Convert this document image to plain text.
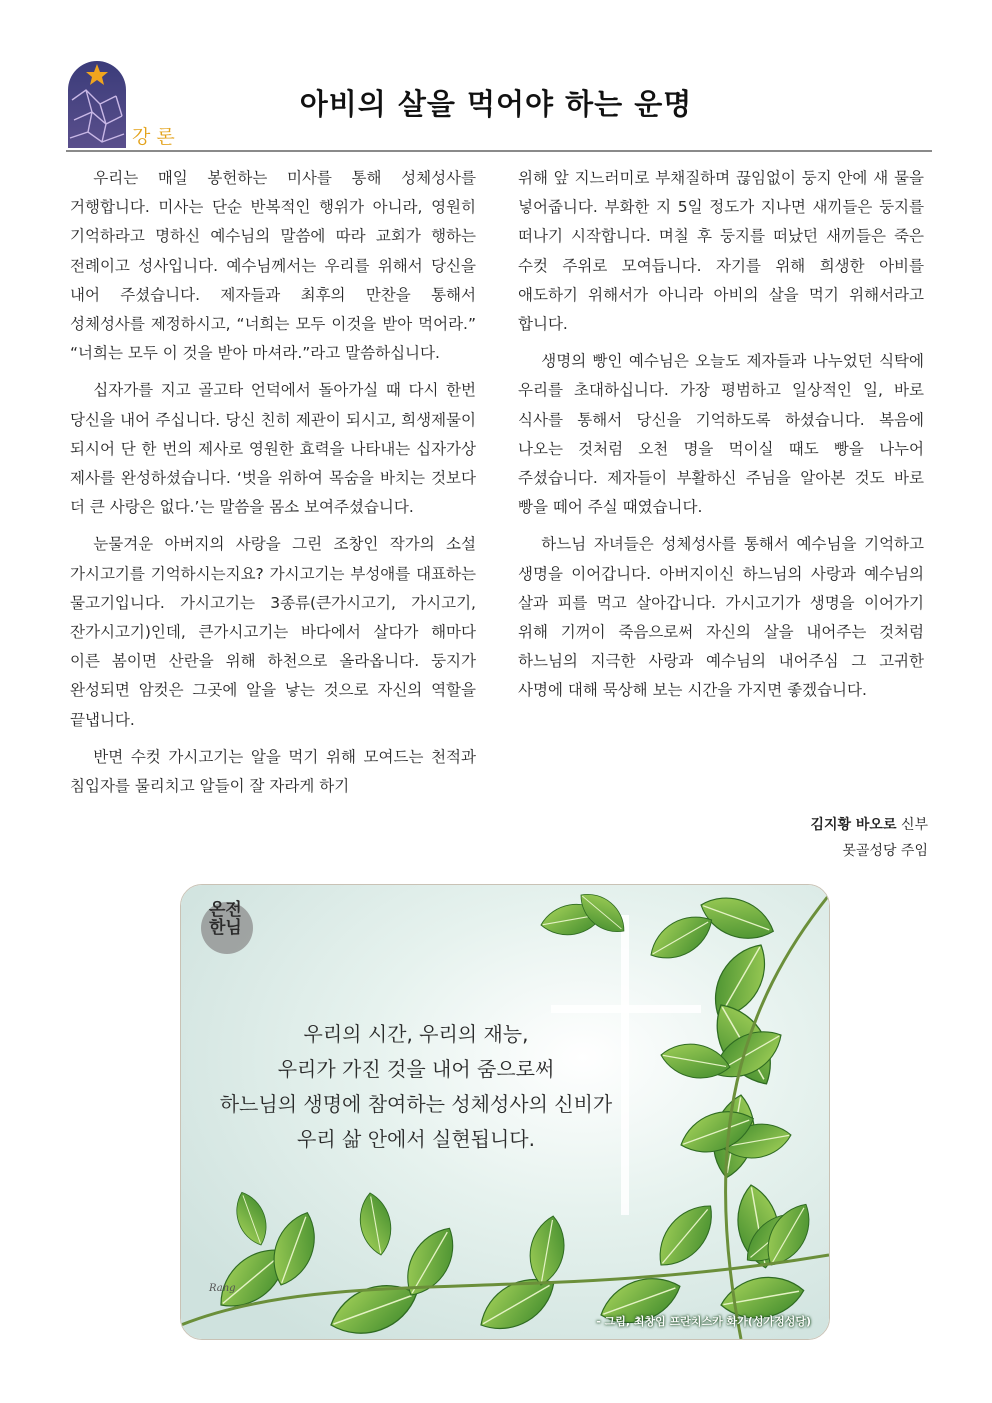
강론
아비의 살을 먹어야 하는 운명

우리는 매일 봉헌하는 미사를 통해 성체성사를 거행합니다. 미사는 단순 반복적인 행위가 아니라, 영원히 기억하라고 명하신 예수님의 말씀에 따라 교회가 행하는 전례이고 성사입니다. 예수님께서는 우리를 위해서 당신을 내어 주셨습니다. 제자들과 최후의 만찬을 통해서 성체성사를 제정하시고, “너희는 모두 이것을 받아 먹어라.” “너희는 모두 이 것을 받아 마셔라.”라고 말씀하십니다.

십자가를 지고 골고타 언덕에서 돌아가실 때 다시 한번 당신을 내어 주십니다. 당신 친히 제관이 되시고, 희생제물이 되시어 단 한 번의 제사로 영원한 효력을 나타내는 십자가상 제사를 완성하셨습니다. ‘벗을 위하여 목숨을 바치는 것보다 더 큰 사랑은 없다.’는 말씀을 몸소 보여주셨습니다.

눈물겨운 아버지의 사랑을 그린 조창인 작가의 소설 가시고기를 기억하시는지요? 가시고기는 부성애를 대표하는 물고기입니다. 가시고기는 3종류(큰가시고기, 가시고기, 잔가시고기)인데, 큰가시고기는 바다에서 살다가 해마다 이른 봄이면 산란을 위해 하천으로 올라옵니다. 둥지가 완성되면 암컷은 그곳에 알을 낳는 것으로 자신의 역할을 끝냅니다.

반면 수컷 가시고기는 알을 먹기 위해 모여드는 천적과 침입자를 물리치고 알들이 잘 자라게 하기

위해 앞 지느러미로 부채질하며 끊임없이 둥지 안에 새 물을 넣어줍니다. 부화한 지 5일 정도가 지나면 새끼들은 둥지를 떠나기 시작합니다. 며칠 후 둥지를 떠났던 새끼들은 죽은 수컷 주위로 모여듭니다. 자기를 위해 희생한 아비를 애도하기 위해서가 아니라 아비의 살을 먹기 위해서라고 합니다.

생명의 빵인 예수님은 오늘도 제자들과 나누었던 식탁에 우리를 초대하십니다. 가장 평범하고 일상적인 일, 바로 식사를 통해서 당신을 기억하도록 하셨습니다. 복음에 나오는 것처럼 오천 명을 먹이실 때도 빵을 나누어 주셨습니다. 제자들이 부활하신 주님을 알아본 것도 바로 빵을 떼어 주실 때였습니다.

하느님 자녀들은 성체성사를 통해서 예수님을 기억하고 생명을 이어갑니다. 아버지이신 하느님의 사랑과 예수님의 살과 피를 먹고 살아갑니다. 가시고기가 생명을 이어가기 위해 기꺼이 죽음으로써 자신의 살을 내어주는 것처럼 하느님의 지극한 사랑과 예수님의 내어주심 그 고귀한 사명에 대해 묵상해 보는 시간을 가지면 좋겠습니다.

김지황 바오로 신부
못골성당 주임
온전
한님
우리의 시간, 우리의 재능,
우리가 가진 것을 내어 줌으로써
하느님의 생명에 참여하는 성체성사의 신비가
우리 삶 안에서 실현됩니다.
Rang
- 그림, 최창임 프란치스카 화가(성가정성당)
